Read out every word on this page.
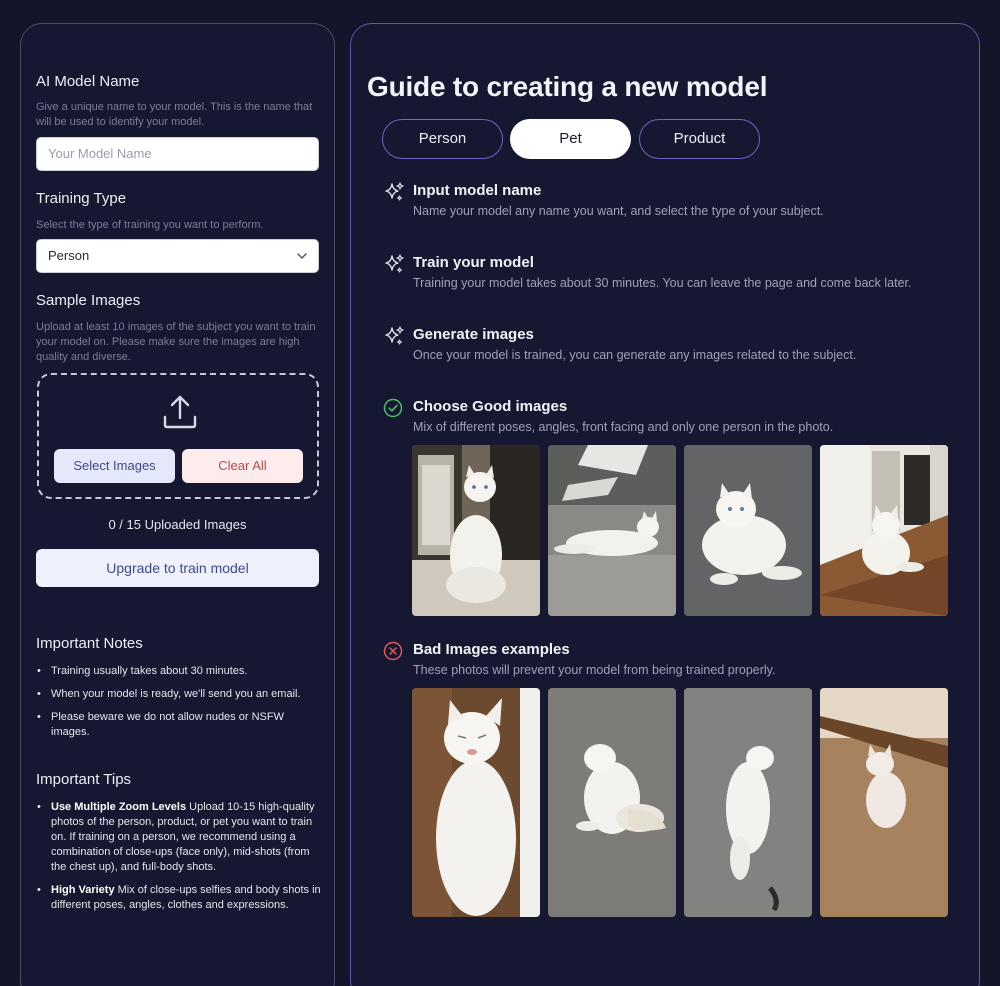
AI Model Name
Give a unique name to your model. This is the name that will be used to identify your model.
Your Model Name
Training Type
Select the type of training you want to perform.
Person
Sample Images
Upload at least 10 images of the subject you want to train your model on. Please make sure the images are high quality and diverse.
Select Images	Clear All
0 / 15 Uploaded Images
Upgrade to train model
Important Notes
• Training usually takes about 30 minutes.
• When your model is ready, we'll send you an email.
• Please beware we do not allow nudes or NSFW images.
Important Tips
• Use Multiple Zoom Levels Upload 10-15 high-quality photos of the person, product, or pet you want to train on. If training on a person, we recommend using a combination of close-ups (face only), mid-shots (from the chest up), and full-body shots.
• High Variety Mix of close-ups selfies and body shots in different poses, angles, clothes and expressions.
Guide to creating a new model
Person	Pet	Product
Input model name
Name your model any name you want, and select the type of your subject.
Train your model
Training your model takes about 30 minutes. You can leave the page and come back later.
Generate images
Once your model is trained, you can generate any images related to the subject.
Choose Good images
Mix of different poses, angles, front facing and only one person in the photo.
Bad Images examples
These photos will prevent your model from being trained properly.
